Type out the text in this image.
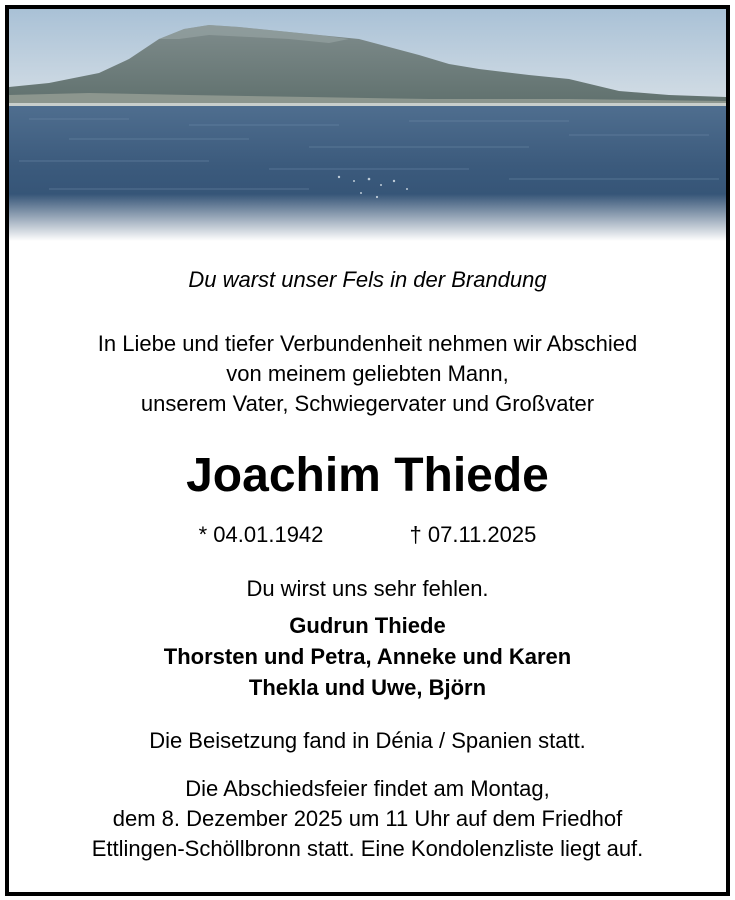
Du warst unser Fels in der Brandung
In Liebe und tiefer Verbundenheit nehmen wir Abschied
von meinem geliebten Mann,
unserem Vater, Schwiegervater und Großvater
Joachim Thiede
* 04.01.1942	† 07.11.2025
Du wirst uns sehr fehlen.
Gudrun Thiede
Thorsten und Petra, Anneke und Karen
Thekla und Uwe, Björn
Die Beisetzung fand in Dénia / Spanien statt.
Die Abschiedsfeier findet am Montag,
dem 8. Dezember 2025 um 11 Uhr auf dem Friedhof
Ettlingen-Schöllbronn statt. Eine Kondolenzliste liegt auf.
